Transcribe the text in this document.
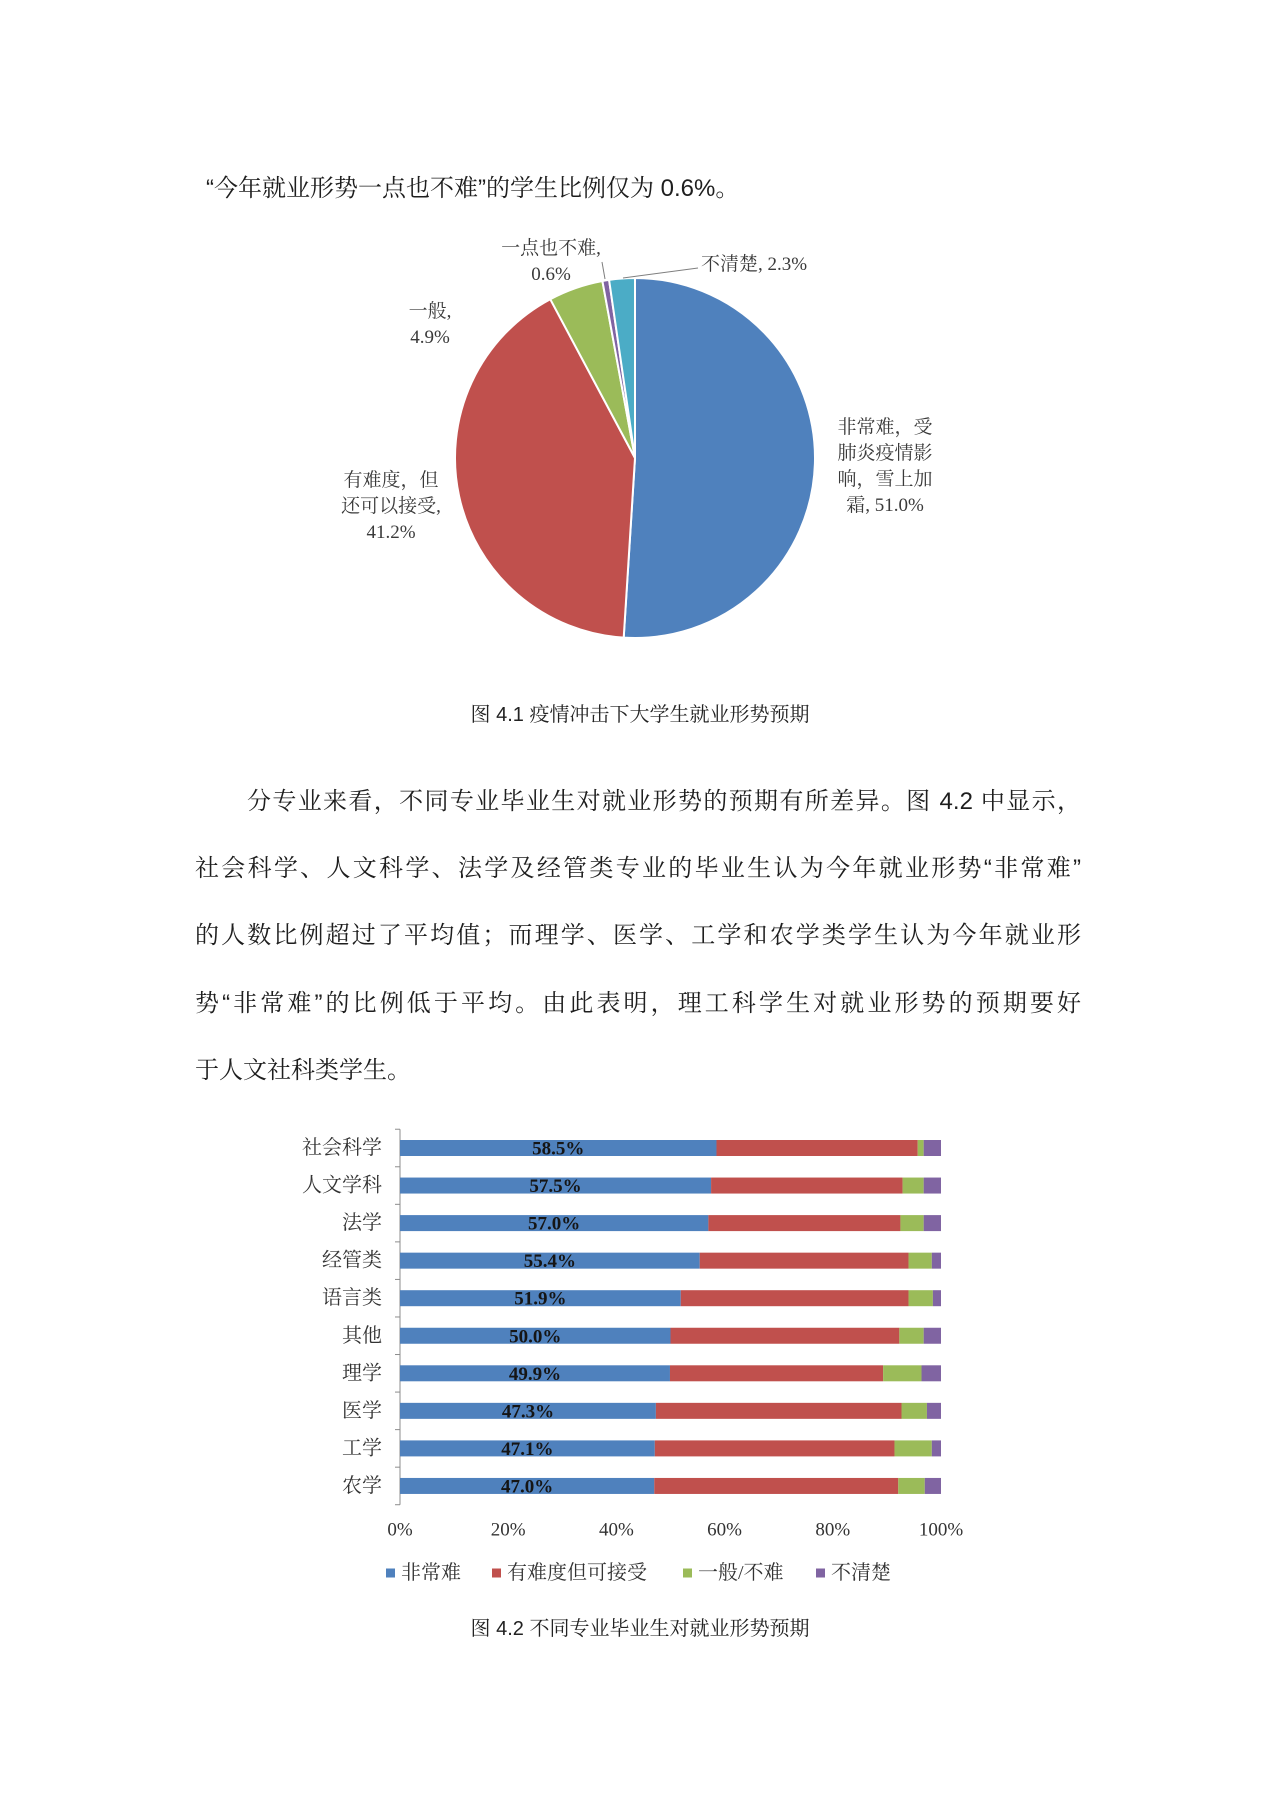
“今年就业形势一点也不难”的学生比例仅为 0.6%。

非常难，受肺炎疫情影响，雪上加霜, 51.0%
有难度，但还可以接受, 41.2%
一般, 4.9%
一点也不难, 0.6%	不清楚, 2.3%

图 4.1 疫情冲击下大学生就业形势预期

分专业来看，不同专业毕业生对就业形势的预期有所差异。图 4.2 中显示，

社会科学、人文科学、法学及经管类专业的毕业生认为今年就业形势“非常难”

的人数比例超过了平均值；而理学、医学、工学和农学类学生认为今年就业形

势“非常难”的比例低于平均。由此表明，理工科学生对就业形势的预期要好

于人文社科类学生。

社会科学	58.5%
人文学科	57.5%
法学	57.0%
经管类	55.4%
语言类	51.9%
其他	50.0%
理学	49.9%
医学	47.3%
工学	47.1%
农学	47.0%
0%	20%	40%	60%	80%	100%
非常难 有难度但可接受	一般/不难 不清楚

图 4.2 不同专业毕业生对就业形势预期
